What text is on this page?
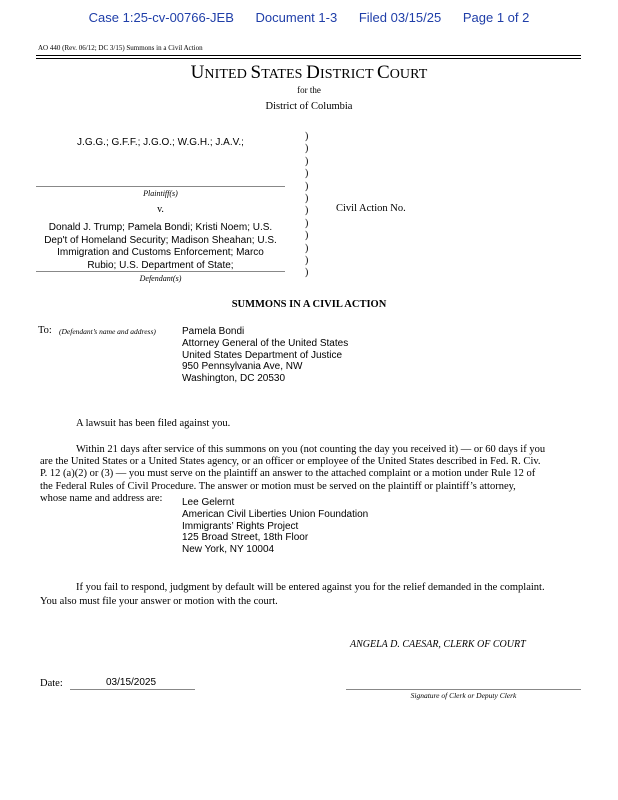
Case 1:25-cv-00766-JEB Document 1-3 Filed 03/15/25 Page 1 of 2
AO 440 (Rev. 06/12; DC 3/15) Summons in a Civil Action
UNITED STATES DISTRICT COURT
for the
District of Columbia
J.G.G.; G.F.F.; J.G.O.; W.G.H.; J.A.V.;
Plaintiff(s)
v.
Donald J. Trump; Pamela Bondi; Kristi Noem; U.S.
Dep't of Homeland Security; Madison Sheahan; U.S.
Immigration and Customs Enforcement; Marco
Rubio; U.S. Department of State;
Defendant(s)
)
)
)
)
)
)
)
)
)
)
)
)
Civil Action No.
SUMMONS IN A CIVIL ACTION
To: (Defendant’s name and address)	Pamela Bondi
Attorney General of the United States
United States Department of Justice
950 Pennsylvania Ave, NW
Washington, DC 20530
A lawsuit has been filed against you.
Within 21 days after service of this summons on you (not counting the day you received it) — or 60 days if you
are the United States or a United States agency, or an officer or employee of the United States described in Fed. R. Civ.
P. 12 (a)(2) or (3) — you must serve on the plaintiff an answer to the attached complaint or a motion under Rule 12 of
the Federal Rules of Civil Procedure. The answer or motion must be served on the plaintiff or plaintiff’s attorney,
whose name and address are:	Lee Gelernt
American Civil Liberties Union Foundation
Immigrants’ Rights Project
125 Broad Street, 18th Floor
New York, NY 10004
If you fail to respond, judgment by default will be entered against you for the relief demanded in the complaint.
You also must file your answer or motion with the court.
ANGELA D. CAESAR, CLERK OF COURT
Date:	03/15/2025
Signature of Clerk or Deputy Clerk
